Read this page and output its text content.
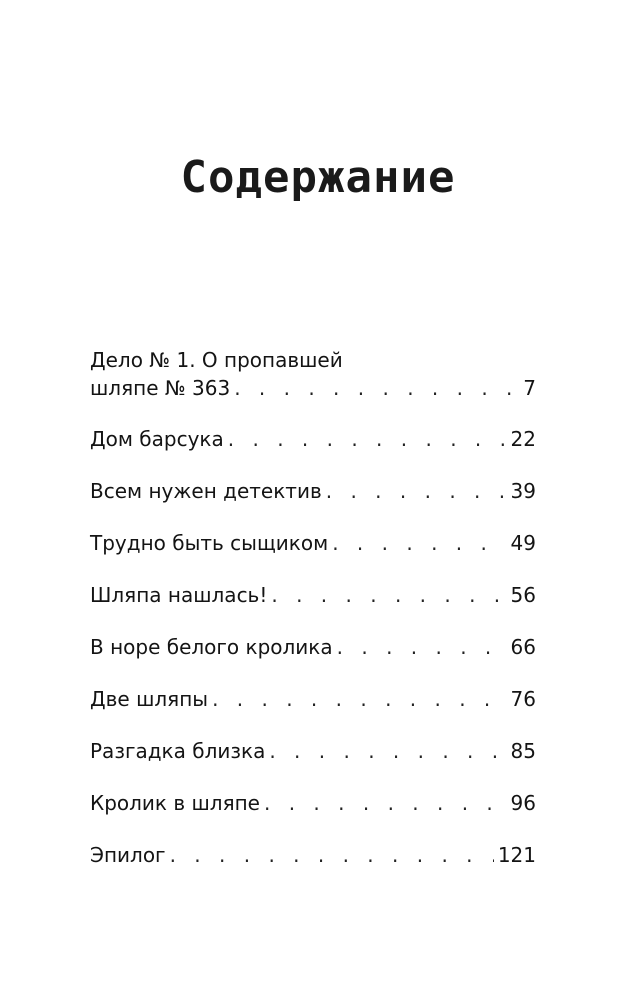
Содержание
Дело № 1. О пропавшей
шляпе № 363 . . .	7
Дом барсука . . .	22
Всем нужен детектив . . .	39
Трудно быть сыщиком . . .	49
Шляпа нашлась! . . .	56
В норе белого кролика . . .	66
Две шляпы . . .	76
Разгадка близка . . .	85
Кролик в шляпе . . .	96
Эпилог . . .	121
